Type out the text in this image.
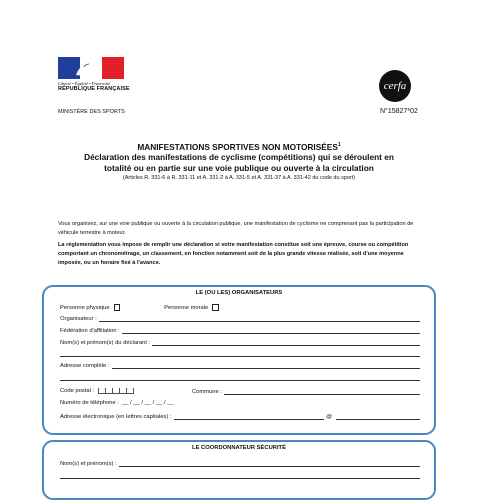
Liberté • Égalité • Fraternité
RÉPUBLIQUE FRANÇAISE	cerfa
MINISTÈRE DES SPORTS	N°15827*02
MANIFESTATIONS SPORTIVES NON MOTORISÉES$^1$
Déclaration des manifestations de cyclisme (compétitions) qui se déroulent en
totalité ou en partie sur une voie publique ou ouverte à la circulation
(Articles R. 331-6 à R. 331-11 et A. 331-2 à A. 331-5 et A. 331-37 à A. 331-42 du code du sport)
Vous organisez, sur une voie publique ou ouverte à la circulation publique, une manifestation de cyclisme ne comprenant pas la participation de véhicule terrestre à moteur.
La réglementation vous impose de remplir une déclaration si votre manifestation constitue soit une épreuve, course ou compétition comportant un chronométrage, un classement, en fonction notamment soit de la plus grande vitesse réalisée, soit d'une moyenne imposée, ou un horaire fixé à l'avance.
LE (OU LES) ORGANISATEURS
Personne physique	Personne morale
Organisateur :
Fédération d'affiliation :
Nom(s) et prénom(s) du déclarant :
Adresse complète :
Code postal :	Commune :
Numéro de téléphone : __ / __ / __ / __ / __
Adresse électronique (en lettres capitales) :	@
LE COORDONNATEUR SÉCURITÉ
Nom(s) et prénom(s) :
